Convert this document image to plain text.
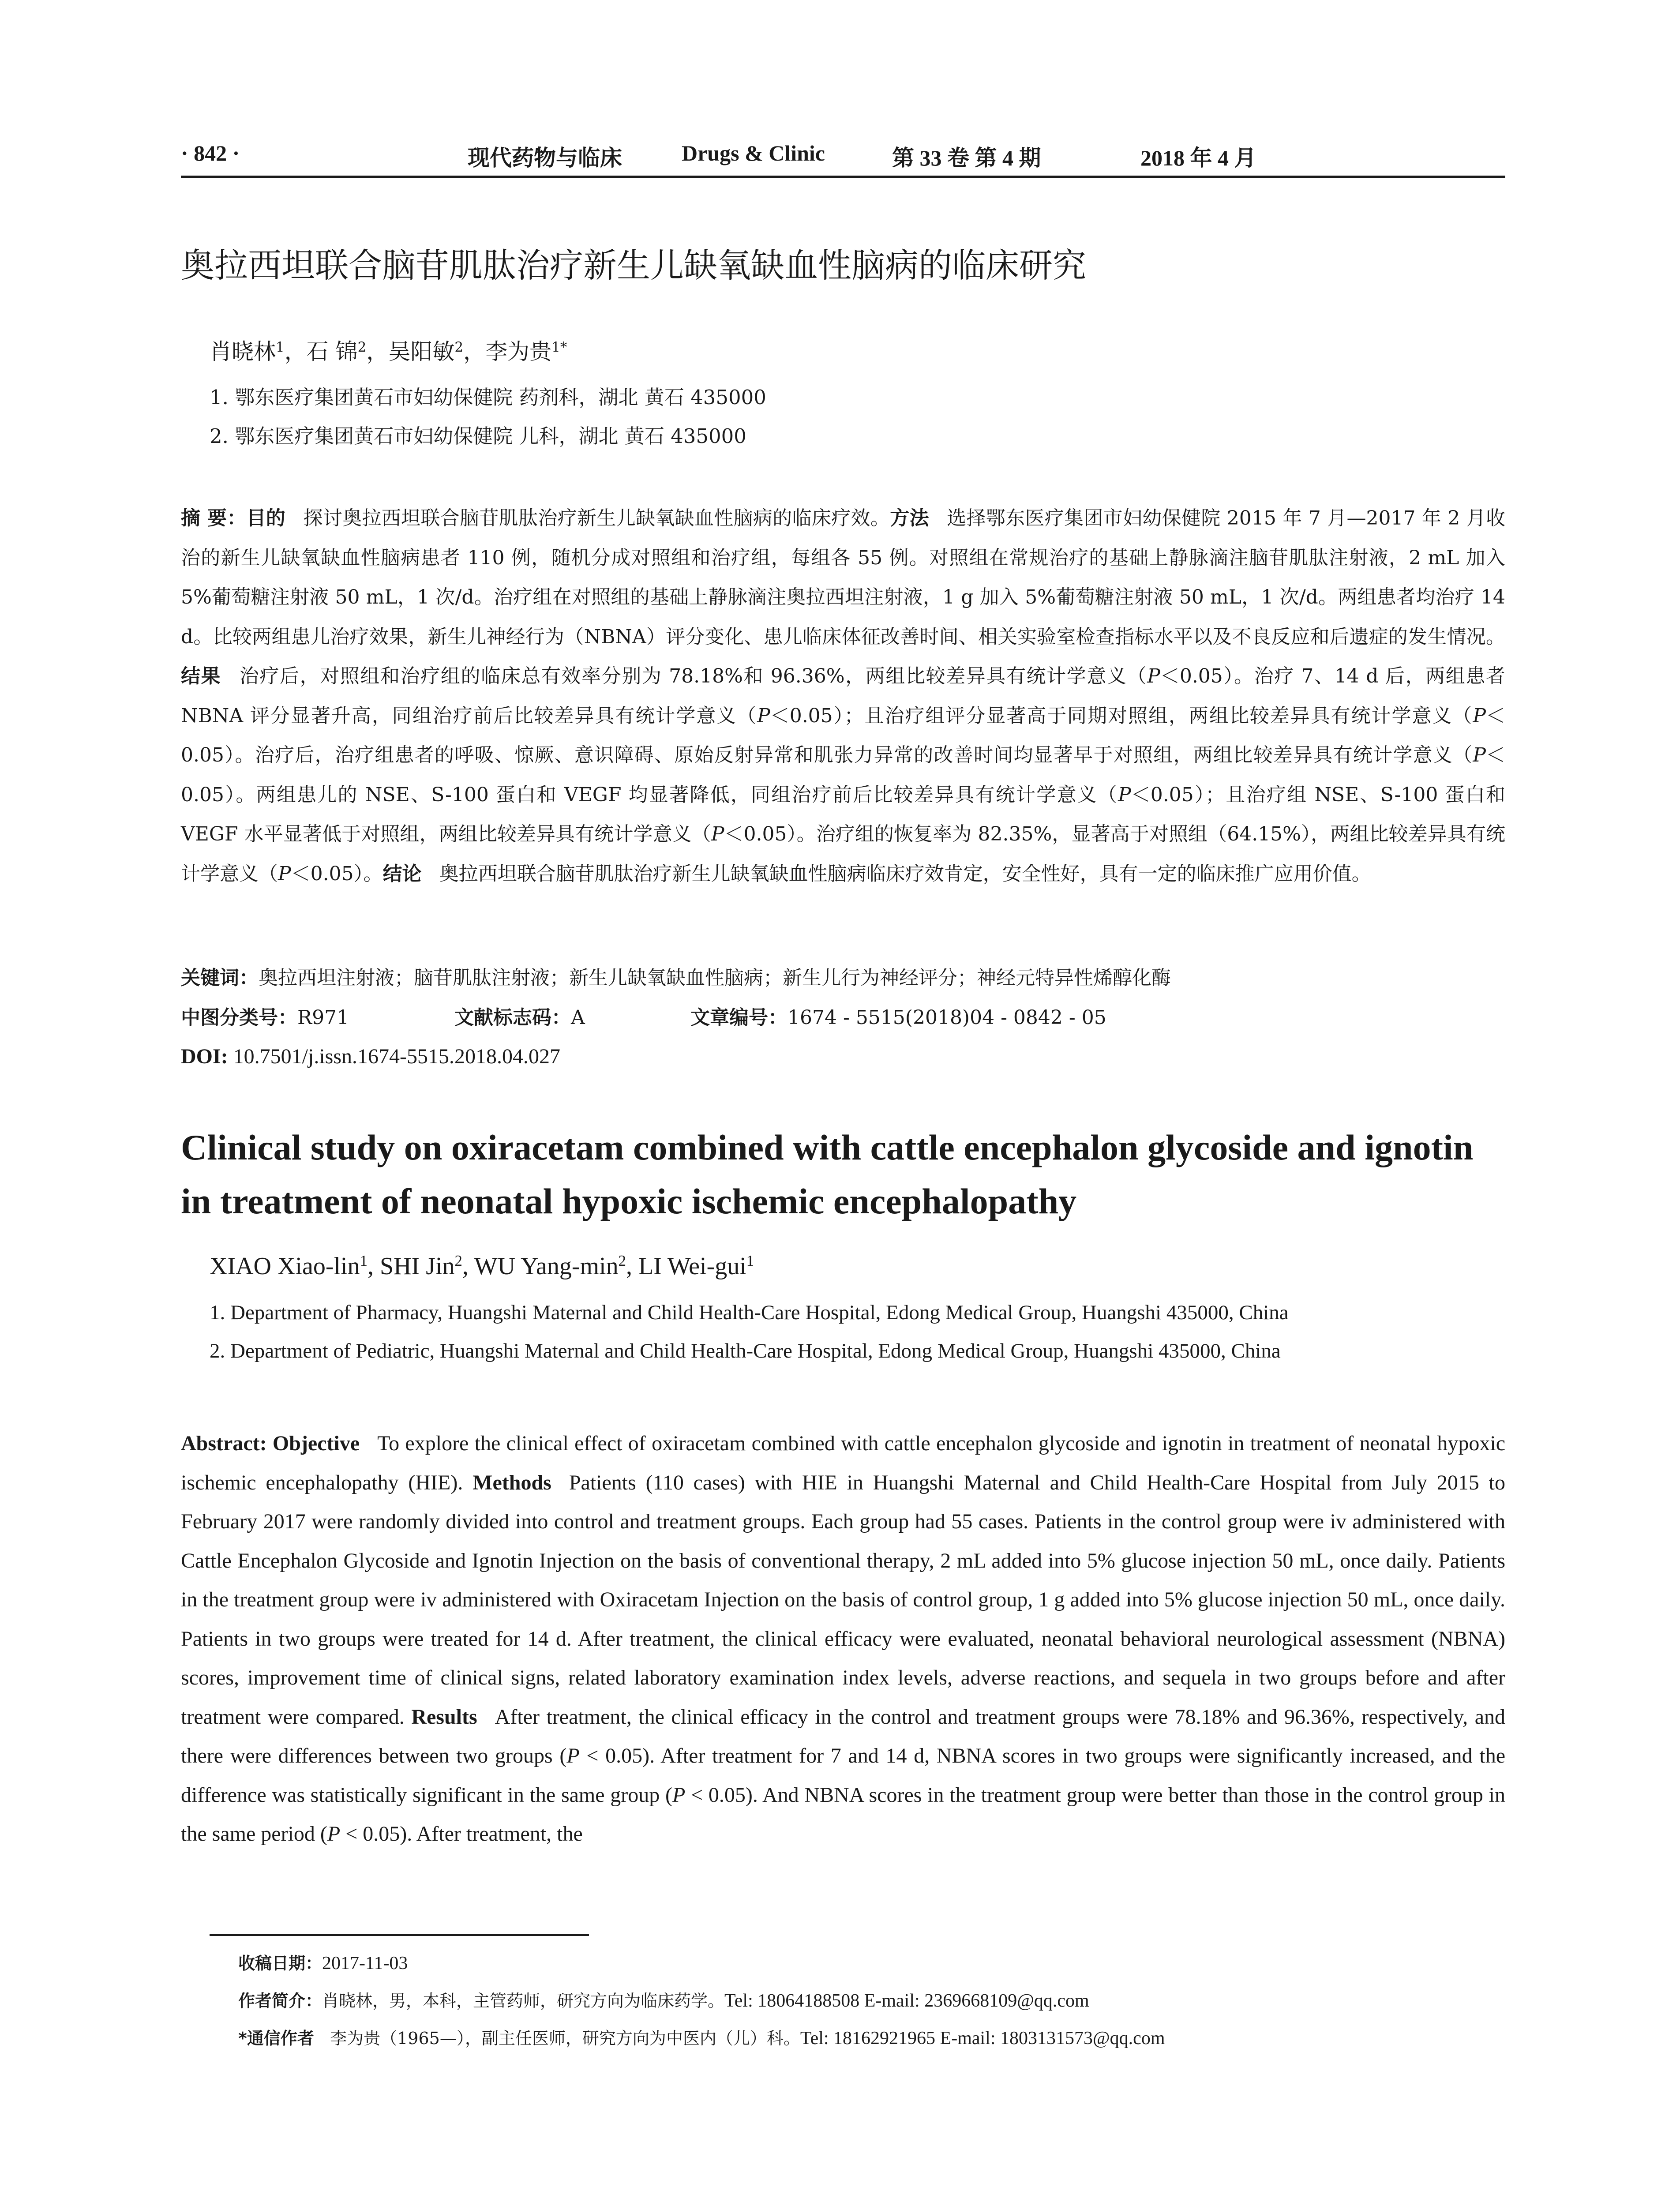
· 842 ·	现代药物与临床	Drugs & Clinic	第 33 卷 第 4 期	2018 年 4 月
奥拉西坦联合脑苷肌肽治疗新生儿缺氧缺血性脑病的临床研究
肖晓林$^1$，石 锦$^2$，吴阳敏$^2$，李为贵$^{1*}$
1. 鄂东医疗集团黄石市妇幼保健院 药剂科，湖北 黄石 435000
2. 鄂东医疗集团黄石市妇幼保健院 儿科，湖北 黄石 435000
摘 要：目的 探讨奥拉西坦联合脑苷肌肽治疗新生儿缺氧缺血性脑病的临床疗效。方法 选择鄂东医疗集团市妇幼保健院 2015 年 7 月—2017 年 2 月收治的新生儿缺氧缺血性脑病患者 110 例，随机分成对照组和治疗组，每组各 55 例。对照组在常规治疗的基础上静脉滴注脑苷肌肽注射液，2 mL 加入 5%葡萄糖注射液 50 mL，1 次/d。治疗组在对照组的基础上静脉滴注奥拉西坦注射液，1 g 加入 5%葡萄糖注射液 50 mL，1 次/d。两组患者均治疗 14 d。比较两组患儿治疗效果，新生儿神经行为（NBNA）评分变化、患儿临床体征改善时间、相关实验室检查指标水平以及不良反应和后遗症的发生情况。结果 治疗后，对照组和治疗组的临床总有效率分别为 78.18%和 96.36%，两组比较差异具有统计学意义（P＜0.05）。治疗 7、14 d 后，两组患者 NBNA 评分显著升高，同组治疗前后比较差异具有统计学意义（P＜0.05）；且治疗组评分显著高于同期对照组，两组比较差异具有统计学意义（P＜0.05）。治疗后，治疗组患者的呼吸、惊厥、意识障碍、原始反射异常和肌张力异常的改善时间均显著早于对照组，两组比较差异具有统计学意义（P＜0.05）。两组患儿的 NSE、S-100 蛋白和 VEGF 均显著降低，同组治疗前后比较差异具有统计学意义（P＜0.05）；且治疗组 NSE、S-100 蛋白和 VEGF 水平显著低于对照组，两组比较差异具有统计学意义（P＜0.05）。治疗组的恢复率为 82.35%，显著高于对照组（64.15%），两组比较差异具有统计学意义（P＜0.05）。结论 奥拉西坦联合脑苷肌肽治疗新生儿缺氧缺血性脑病临床疗效肯定，安全性好，具有一定的临床推广应用价值。
关键词：奥拉西坦注射液；脑苷肌肽注射液；新生儿缺氧缺血性脑病；新生儿行为神经评分；神经元特异性烯醇化酶
中图分类号：R971	文献标志码：A	文章编号：1674 - 5515(2018)04 - 0842 - 05
DOI: 10.7501/j.issn.1674-5515.2018.04.027
Clinical study on oxiracetam combined with cattle encephalon glycoside and ignotin in treatment of neonatal hypoxic ischemic encephalopathy
XIAO Xiao-lin$^1$, SHI Jin$^2$, WU Yang-$\min^2$, LI Wei-gui$^1$
1. Department of Pharmacy, Huangshi Maternal and Child Health-Care Hospital, Edong Medical Group, Huangshi 435000, China
2. Department of Pediatric, Huangshi Maternal and Child Health-Care Hospital, Edong Medical Group, Huangshi 435000, China
Abstract: Objective To explore the clinical effect of oxiracetam combined with cattle encephalon glycoside and ignotin in treatment of neonatal hypoxic ischemic encephalopathy (HIE). Methods Patients (110 cases) with HIE in Huangshi Maternal and Child Health-Care Hospital from July 2015 to February 2017 were randomly divided into control and treatment groups. Each group had 55 cases. Patients in the control group were iv administered with Cattle Encephalon Glycoside and Ignotin Injection on the basis of conventional therapy, 2 mL added into 5% glucose injection 50 mL, once daily. Patients in the treatment group were iv administered with Oxiracetam Injection on the basis of control group, 1 g added into 5% glucose injection 50 mL, once daily. Patients in two groups were treated for 14 d. After treatment, the clinical efficacy were evaluated, neonatal behavioral neurological assessment (NBNA) scores, improvement time of clinical signs, related laboratory examination index levels, adverse reactions, and sequela in two groups before and after treatment were compared. Results After treatment, the clinical efficacy in the control and treatment groups were 78.18% and 96.36%, respectively, and there were differences between two groups (P < 0.05). After treatment for 7 and 14 d, NBNA scores in two groups were significantly increased, and the difference was statistically significant in the same group (P < 0.05). And NBNA scores in the treatment group were better than those in the control group in the same period (P < 0.05). After treatment, the
收稿日期：2017-11-03
作者简介：肖晓林，男，本科，主管药师，研究方向为临床药学。Tel: 18064188508 E-mail: 2369668109@qq.com
*通信作者 李为贵（1965—），副主任医师，研究方向为中医内（儿）科。Tel: 18162921965 E-mail: 1803131573@qq.com
